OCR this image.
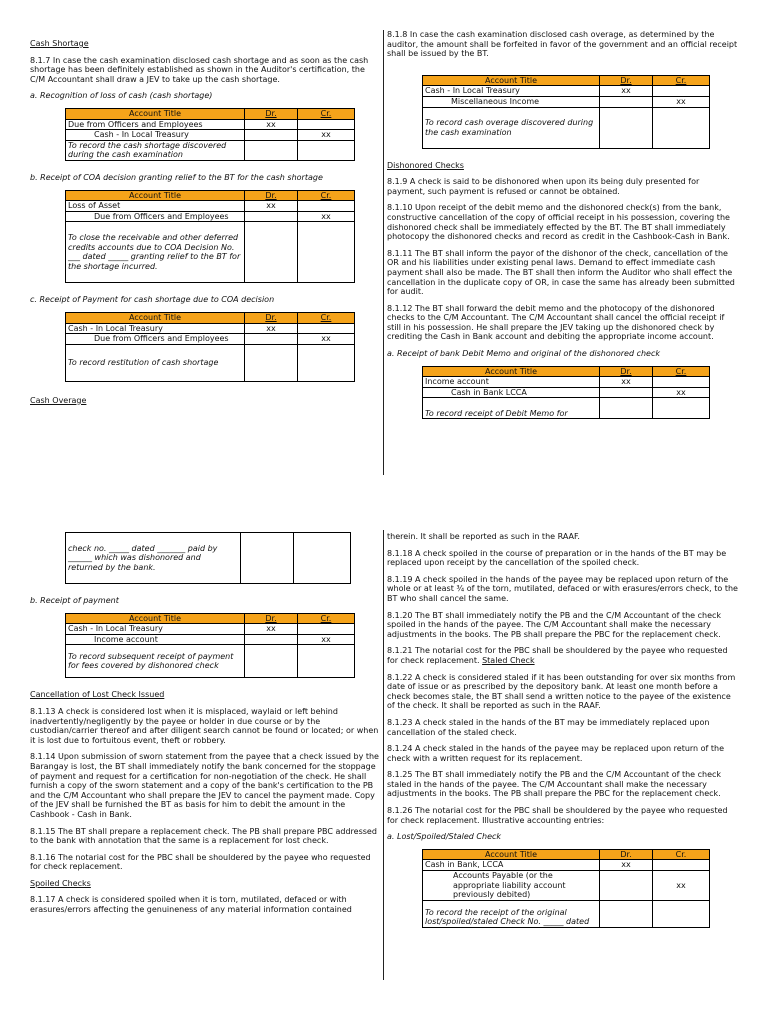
Cash Shortage

8.1.7 In case the cash examination disclosed cash shortage and as soon as the cash shortage has been definitely established as shown in the Auditor's certification, the C/M Accountant shall draw a JEV to take up the cash shortage.

a. Recognition of loss of cash (cash shortage)

Account Title	Dr.	Cr.
Due from Officers and Employees	xx	
Cash - In Local Treasury		xx
To record the cash shortage discovered during the cash examination		

b. Receipt of COA decision granting relief to the BT for the cash shortage

Account Title	Dr.	Cr.
Loss of Asset	xx	
Due from Officers and Employees		xx
To close the receivable and other deferred credits accounts due to COA Decision No. ___ dated _____ granting relief to the BT for the shortage incurred.		

c. Receipt of Payment for cash shortage due to COA decision

Account Title	Dr.	Cr.
Cash - In Local Treasury	xx	
Due from Officers and Employees		xx
To record restitution of cash shortage		

Cash Overage

8.1.8 In case the cash examination disclosed cash overage, as determined by the auditor, the amount shall be forfeited in favor of the government and an official receipt shall be issued by the BT.

Account Title	Dr.	Cr.
Cash - In Local Treasury	xx	
Miscellaneous Income		xx
To record cash overage discovered during the cash examination		

Dishonored Checks

8.1.9 A check is said to be dishonored when upon its being duly presented for payment, such payment is refused or cannot be obtained.

8.1.10 Upon receipt of the debit memo and the dishonored check(s) from the bank, constructive cancellation of the copy of official receipt in his possession, covering the dishonored check shall be immediately effected by the BT. The BT shall immediately photocopy the dishonored checks and record as credit in the Cashbook-Cash in Bank.

8.1.11 The BT shall inform the payor of the dishonor of the check, cancellation of the OR and his liabilities under existing penal laws. Demand to effect immediate cash payment shall also be made. The BT shall then inform the Auditor who shall effect the cancellation in the duplicate copy of OR, in case the same has already been submitted for audit.

8.1.12 The BT shall forward the debit memo and the photocopy of the dishonored checks to the C/M Accountant. The C/M Accountant shall cancel the official receipt if still in his possession. He shall prepare the JEV taking up the dishonored check by crediting the Cash in Bank account and debiting the appropriate income account.

a. Receipt of bank Debit Memo and original of the dishonored check

Account Title	Dr.	Cr.
Income account	xx	
Cash in Bank LCCA		xx
To record receipt of Debit Memo for		
check no. _____ dated _______ paid by ______ which was dishonored and returned by the bank.		

b. Receipt of payment

Account Title	Dr.	Cr.
Cash - In Local Treasury	xx	
Income account		xx
To record subsequent receipt of payment for fees covered by dishonored check		

Cancellation of Lost Check Issued

8.1.13 A check is considered lost when it is misplaced, waylaid or left behind inadvertently/negligently by the payee or holder in due course or by the custodian/carrier thereof and after diligent search cannot be found or located; or when it is lost due to fortuitous event, theft or robbery.

8.1.14 Upon submission of sworn statement from the payee that a check issued by the Barangay is lost, the BT shall immediately notify the bank concerned for the stoppage of payment and request for a certification for non-negotiation of the check. He shall furnish a copy of the sworn statement and a copy of the bank's certification to the PB and the C/M Accountant who shall prepare the JEV to cancel the payment made. Copy of the JEV shall be furnished the BT as basis for him to debit the amount in the Cashbook - Cash in Bank.

8.1.15 The BT shall prepare a replacement check. The PB shall prepare PBC addressed to the bank with annotation that the same is a replacement for lost check.

8.1.16 The notarial cost for the PBC shall be shouldered by the payee who requested for check replacement.

Spoiled Checks

8.1.17 A check is considered spoiled when it is torn, mutilated, defaced or with erasures/errors affecting the genuineness of any material information contained

therein. It shall be reported as such in the RAAF.

8.1.18 A check spoiled in the course of preparation or in the hands of the BT may be replaced upon receipt by the cancellation of the spoiled check.

8.1.19 A check spoiled in the hands of the payee may be replaced upon return of the whole or at least ¾ of the torn, mutilated, defaced or with erasures/errors check, to the BT who shall cancel the same.

8.1.20 The BT shall immediately notify the PB and the C/M Accountant of the check spoiled in the hands of the payee. The C/M Accountant shall make the necessary adjustments in the books. The PB shall prepare the PBC for the replacement check.

8.1.21 The notarial cost for the PBC shall be shouldered by the payee who requested for check replacement. Staled Check

8.1.22 A check is considered staled if it has been outstanding for over six months from date of issue or as prescribed by the depository bank. At least one month before a check becomes stale, the BT shall send a written notice to the payee of the existence of the check. It shall be reported as such in the RAAF.

8.1.23 A check staled in the hands of the BT may be immediately replaced upon cancellation of the staled check.

8.1.24 A check staled in the hands of the payee may be replaced upon return of the check with a written request for its replacement.

8.1.25 The BT shall immediately notify the PB and the C/M Accountant of the check staled in the hands of the payee. The C/M Accountant shall make the necessary adjustments in the books. The PB shall prepare the PBC for the replacement check.

8.1.26 The notarial cost for the PBC shall be shouldered by the payee who requested for check replacement. Illustrative accounting entries:

a. Lost/Spoiled/Staled Check

Account Title	Dr.	Cr.
Cash in Bank, LCCA	xx	
Accounts Payable (or the appropriate liability account previously debited)		xx
To record the receipt of the original lost/spoiled/staled Check No. _____ dated		
